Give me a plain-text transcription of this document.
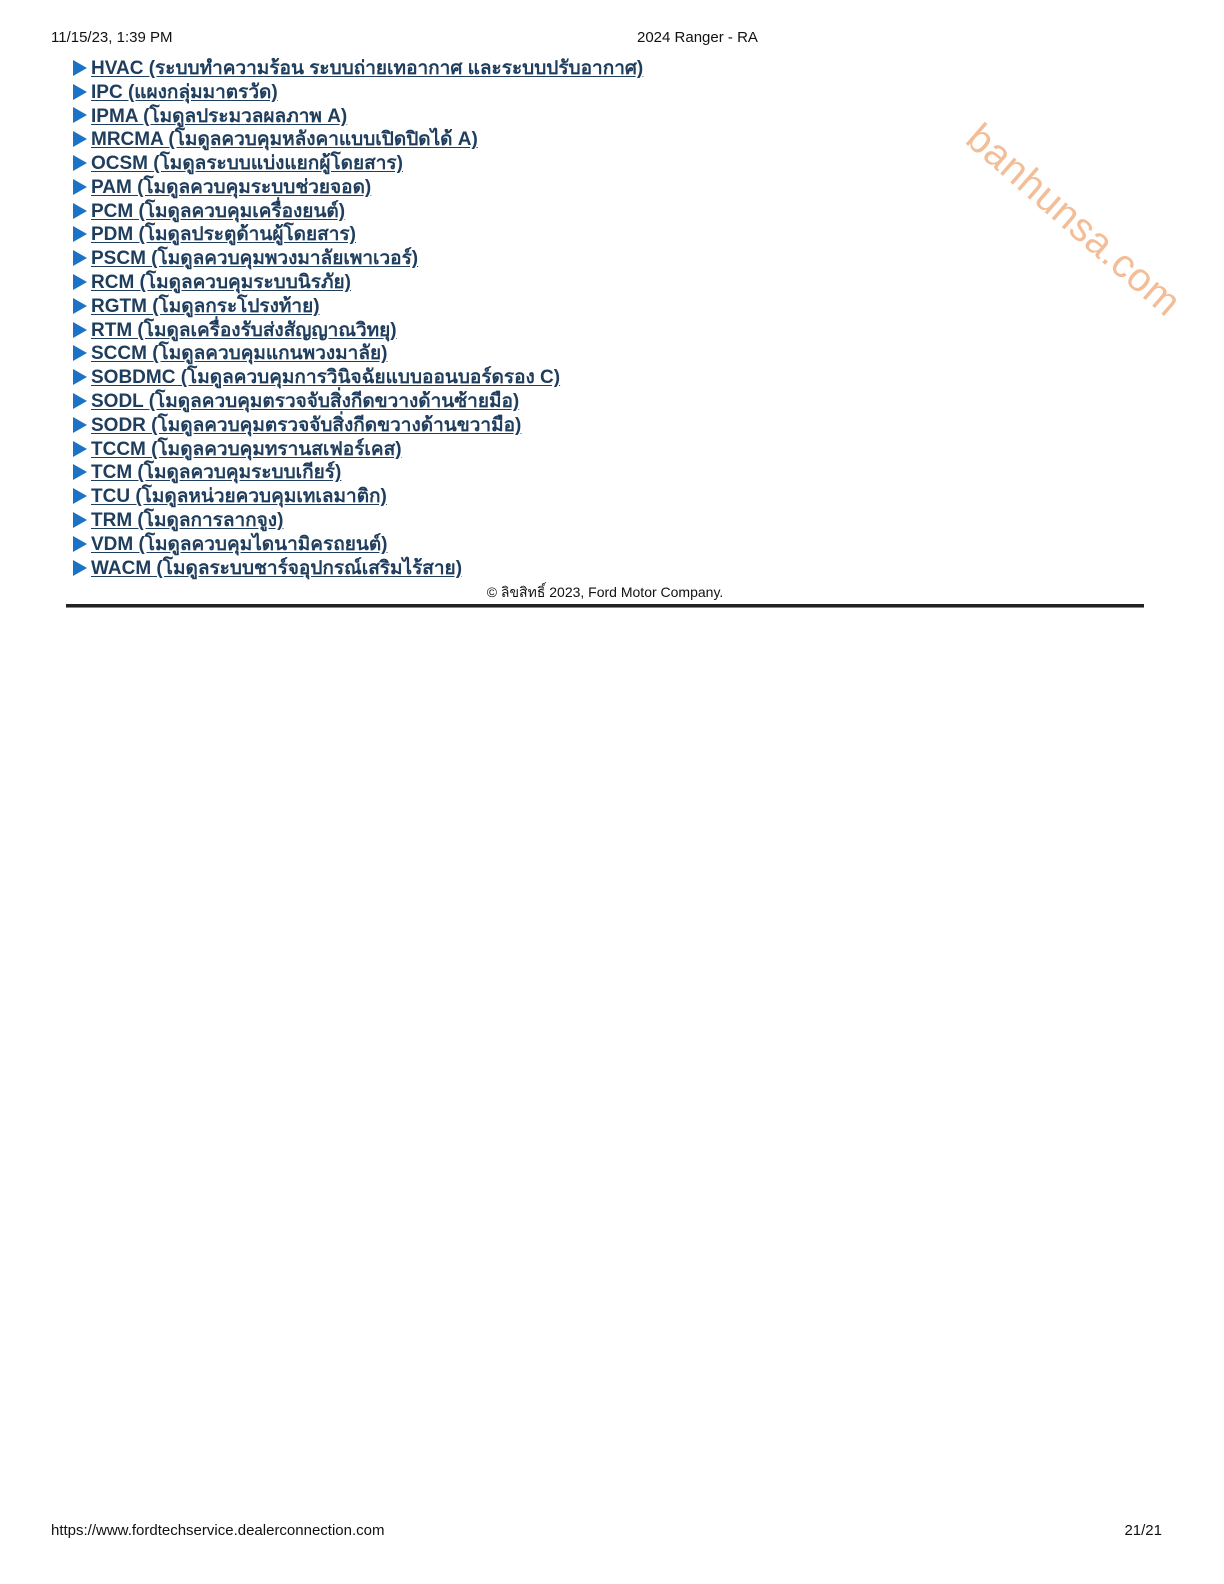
11/15/23, 1:39 PM	2024 Ranger - RA
banhunsa.com
HVAC (ระบบทำความร้อน ระบบถ่ายเทอากาศ และระบบปรับอากาศ)
IPC (แผงกลุ่มมาตรวัด)
IPMA (โมดูลประมวลผลภาพ A)
MRCMA (โมดูลควบคุมหลังคาแบบเปิดปิดได้ A)
OCSM (โมดูลระบบแบ่งแยกผู้โดยสาร)
PAM (โมดูลควบคุมระบบช่วยจอด)
PCM (โมดูลควบคุมเครื่องยนต์)
PDM (โมดูลประตูด้านผู้โดยสาร)
PSCM (โมดูลควบคุมพวงมาลัยเพาเวอร์)
RCM (โมดูลควบคุมระบบนิรภัย)
RGTM (โมดูลกระโปรงท้าย)
RTM (โมดูลเครื่องรับส่งสัญญาณวิทยุ)
SCCM (โมดูลควบคุมแกนพวงมาลัย)
SOBDMC (โมดูลควบคุมการวินิจฉัยแบบออนบอร์ดรอง C)
SODL (โมดูลควบคุมตรวจจับสิ่งกีดขวางด้านซ้ายมือ)
SODR (โมดูลควบคุมตรวจจับสิ่งกีดขวางด้านขวามือ)
TCCM (โมดูลควบคุมทรานสเฟอร์เคส)
TCM (โมดูลควบคุมระบบเกียร์)
TCU (โมดูลหน่วยควบคุมเทเลมาติก)
TRM (โมดูลการลากจูง)
VDM (โมดูลควบคุมไดนามิครถยนต์)
WACM (โมดูลระบบชาร์จอุปกรณ์เสริมไร้สาย)
© ลิขสิทธิ์ 2023, Ford Motor Company.
https://www.fordtechservice.dealerconnection.com	21/21
